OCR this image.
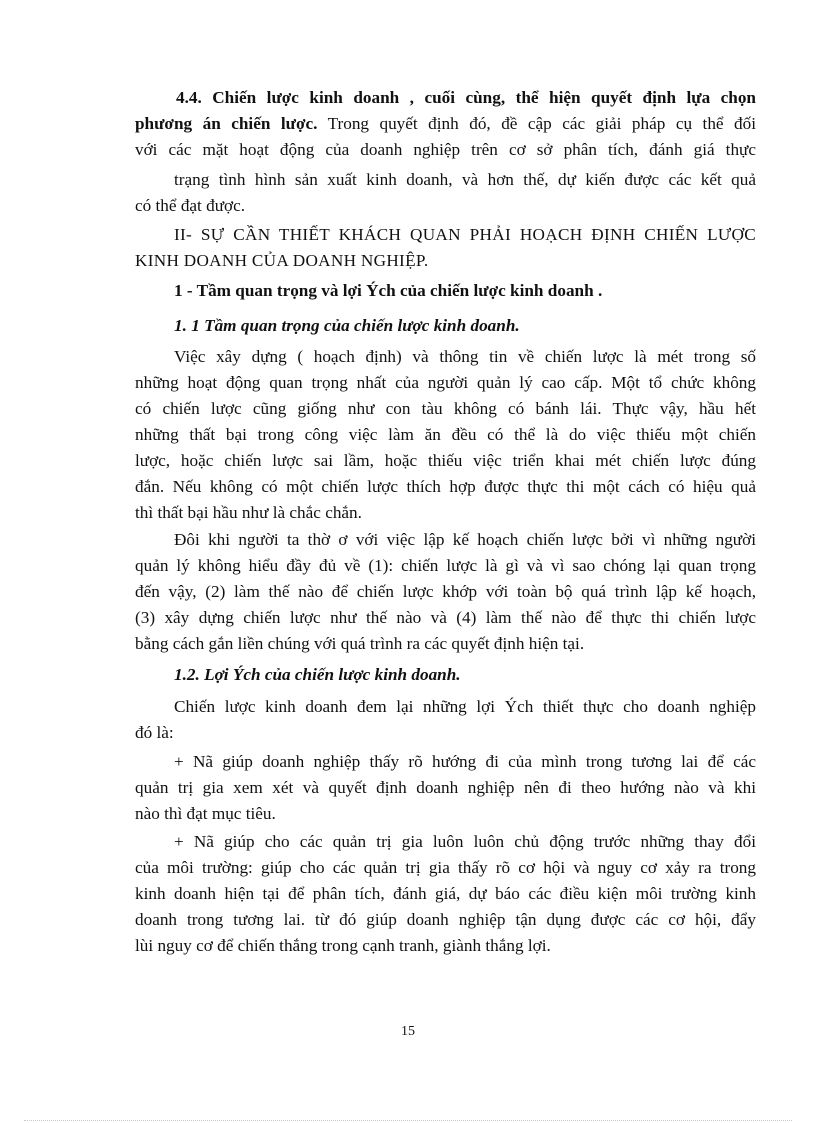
4.4. Chiến lược kinh doanh , cuối cùng, thể hiện quyết định lựa chọn
phương án chiến lược. Trong quyết định đó, đề cập các giải pháp cụ thể đối
với các mặt hoạt động của doanh nghiệp trên cơ sở phân tích, đánh giá thực
trạng tình hình sản xuất kinh doanh, và hơn thế, dự kiến được các kết quả
có thể đạt được.
II- SỰ CẦN THIẾT KHÁCH QUAN PHẢI HOẠCH ĐỊNH CHIẾN LƯỢC
KINH DOANH CỦA DOANH NGHIỆP.
1 - Tầm quan trọng và lợi Ých của chiến lược kinh doanh .
1. 1 Tầm quan trọng của chiến lược kinh doanh.
Việc xây dựng ( hoạch định) và thông tin về chiến lược là mét trong số
những hoạt động quan trọng nhất của người quản lý cao cấp. Một tổ chức không
có chiến lược cũng giống như con tàu không có bánh lái. Thực vậy, hầu hết
những thất bại trong công việc làm ăn đều có thể là do việc thiếu một chiến
lược, hoặc chiến lược sai lầm, hoặc thiếu việc triển khai mét chiến lược đúng
đắn. Nếu không có một chiến lược thích hợp được thực thi một cách có hiệu quả
thì thất bại hầu như là chắc chắn.
Đôi khi người ta thờ ơ với việc lập kế hoạch chiến lược bởi vì những người
quản lý không hiểu đầy đủ về (1): chiến lược là gì và vì sao chóng lại quan trọng
đến vậy, (2) làm thế nào để chiến lược khớp với toàn bộ quá trình lập kế hoạch,
(3) xây dựng chiến lược như thế nào và (4) làm thế nào để thực thi chiến lược
bằng cách gắn liền chúng với quá trình ra các quyết định hiện tại.
1.2. Lợi Ých của chiến lược kinh doanh.
Chiến lược kinh doanh đem lại những lợi Ých thiết thực cho doanh nghiệp
đó là:
+ Nã giúp doanh nghiệp thấy rõ hướng đi của mình trong tương lai để các
quản trị gia xem xét và quyết định doanh nghiệp nên đi theo hướng nào và khi
nào thì đạt mục tiêu.
+ Nã giúp cho các quản trị gia luôn luôn chủ động trước những thay đổi
của môi trường: giúp cho các quản trị gia thấy rõ cơ hội và nguy cơ xảy ra trong
kinh doanh hiện tại để phân tích, đánh giá, dự báo các điều kiện môi trường kinh
doanh trong tương lai. từ đó giúp doanh nghiệp tận dụng được các cơ hội, đẩy
lùi nguy cơ để chiến thắng trong cạnh tranh, giành thắng lợi.
15
